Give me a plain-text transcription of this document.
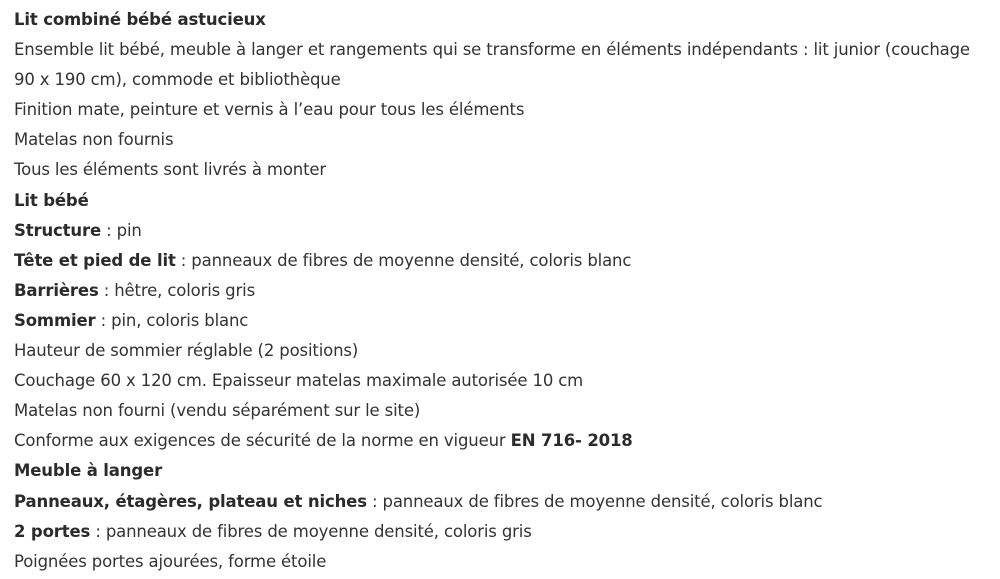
Lit combiné bébé astucieux

Ensemble lit bébé, meuble à langer et rangements qui se transforme en éléments indépendants : lit junior (couchage 90 x 190 cm), commode et bibliothèque

Finition mate, peinture et vernis à l’eau pour tous les éléments

Matelas non fournis

Tous les éléments sont livrés à monter

Lit bébé

Structure : pin

Tête et pied de lit : panneaux de fibres de moyenne densité, coloris blanc

Barrières : hêtre, coloris gris

Sommier : pin, coloris blanc

Hauteur de sommier réglable (2 positions)

Couchage 60 x 120 cm. Epaisseur matelas maximale autorisée 10 cm

Matelas non fourni (vendu séparément sur le site)

Conforme aux exigences de sécurité de la norme en vigueur EN 716- 2018

Meuble à langer

Panneaux, étagères, plateau et niches : panneaux de fibres de moyenne densité, coloris blanc

2 portes : panneaux de fibres de moyenne densité, coloris gris

Poignées portes ajourées, forme étoile
